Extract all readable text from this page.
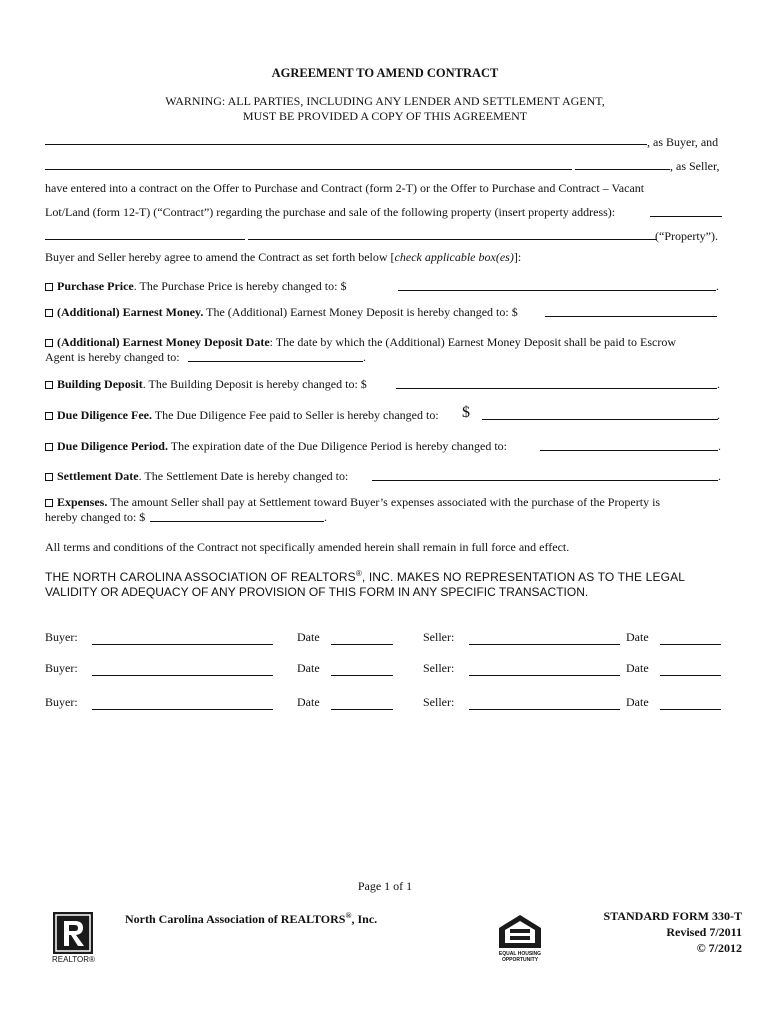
AGREEMENT TO AMEND CONTRACT
WARNING: ALL PARTIES, INCLUDING ANY LENDER AND SETTLEMENT AGENT,
MUST BE PROVIDED A COPY OF THIS AGREEMENT
, as Buyer, and
, as Seller,
have entered into a contract on the Offer to Purchase and Contract (form 2-T) or the Offer to Purchase and Contract – Vacant
Lot/Land (form 12-T) (“Contract”) regarding the purchase and sale of the following property (insert property address):
(“Property”).
Buyer and Seller hereby agree to amend the Contract as set forth below [check applicable box(es)]:
Purchase Price. The Purchase Price is hereby changed to: $	.
(Additional) Earnest Money. The (Additional) Earnest Money Deposit is hereby changed to: $
(Additional) Earnest Money Deposit Date: The date by which the (Additional) Earnest Money Deposit shall be paid to Escrow
Agent is hereby changed to:	.
Building Deposit. The Building Deposit is hereby changed to: $	.
Due Diligence Fee. The Due Diligence Fee paid to Seller is hereby changed to:	$	.
Due Diligence Period. The expiration date of the Due Diligence Period is hereby changed to:	.
Settlement Date. The Settlement Date is hereby changed to:	.
Expenses. The amount Seller shall pay at Settlement toward Buyer’s expenses associated with the purchase of the Property is
hereby changed to: $	.
All terms and conditions of the Contract not specifically amended herein shall remain in full force and effect.
THE NORTH CAROLINA ASSOCIATION OF REALTORS®, INC. MAKES NO REPRESENTATION AS TO THE LEGAL
VALIDITY OR ADEQUACY OF ANY PROVISION OF THIS FORM IN ANY SPECIFIC TRANSACTION.
Buyer:	Date	Seller:	Date
Buyer:	Date	Seller:	Date
Buyer:	Date	Seller:	Date
Page 1 of 1
REALTOR®
North Carolina Association of REALTORS®, Inc.
EQUAL HOUSING
OPPORTUNITY
STANDARD FORM 330-T
Revised 7/2011
© 7/2012
